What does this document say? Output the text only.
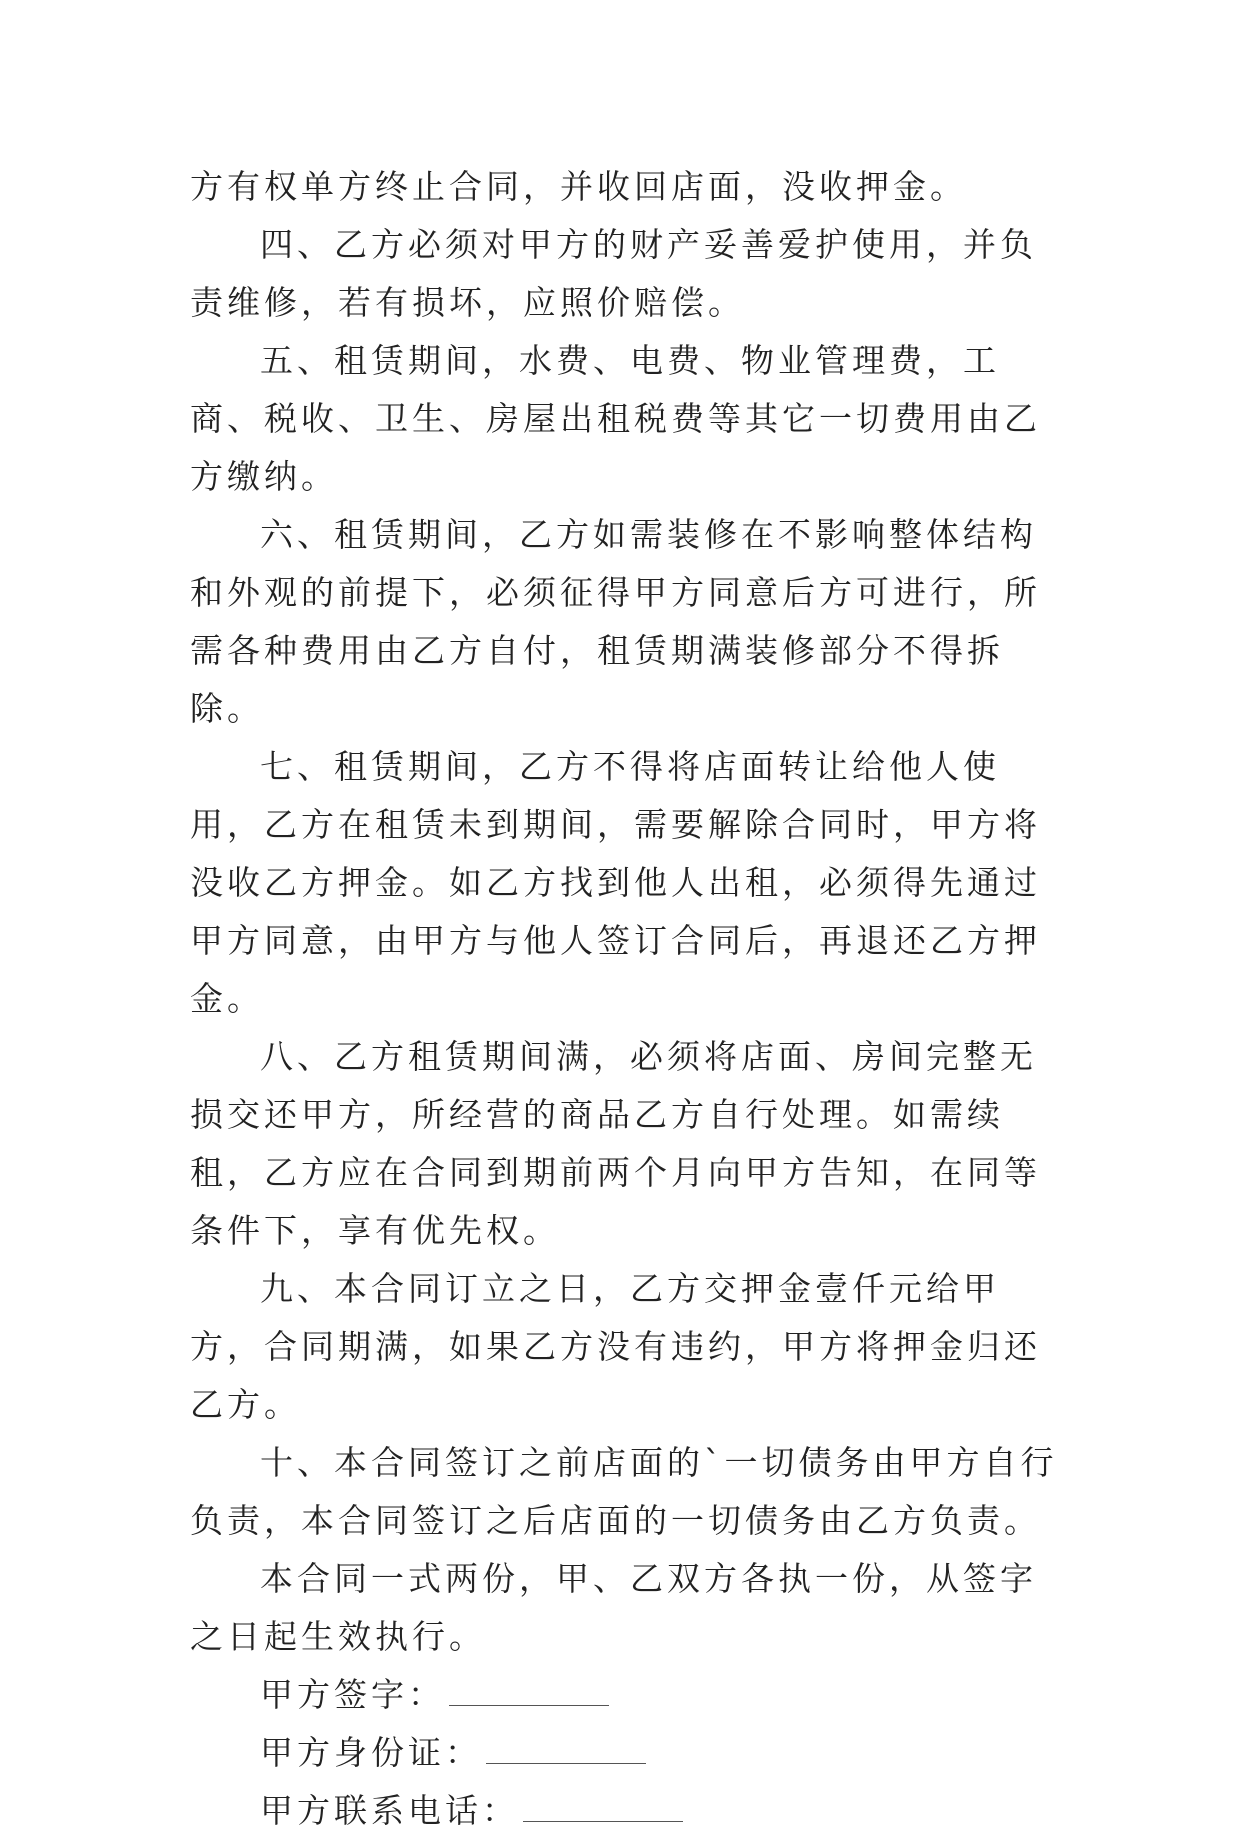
方有权单方终止合同，并收回店面，没收押金。

四、乙方必须对甲方的财产妥善爱护使用，并负责维修，若有损坏，应照价赔偿。

五、租赁期间，水费、电费、物业管理费，工商、税收、卫生、房屋出租税费等其它一切费用由乙方缴纳。

六、租赁期间，乙方如需装修在不影响整体结构和外观的前提下，必须征得甲方同意后方可进行，所需各种费用由乙方自付，租赁期满装修部分不得拆除。

七、租赁期间，乙方不得将店面转让给他人使用，乙方在租赁未到期间，需要解除合同时，甲方将没收乙方押金。如乙方找到他人出租，必须得先通过甲方同意，由甲方与他人签订合同后，再退还乙方押金。

八、乙方租赁期间满，必须将店面、房间完整无损交还甲方，所经营的商品乙方自行处理。如需续租，乙方应在合同到期前两个月向甲方告知，在同等条件下，享有优先权。

九、本合同订立之日，乙方交押金壹仟元给甲方，合同期满，如果乙方没有违约，甲方将押金归还乙方。

十、本合同签订之前店面的`一切债务由甲方自行负责，本合同签订之后店面的一切债务由乙方负责。

本合同一式两份，甲、乙双方各执一份，从签字之日起生效执行。

甲方签字：
甲方身份证：
甲方联系电话：
